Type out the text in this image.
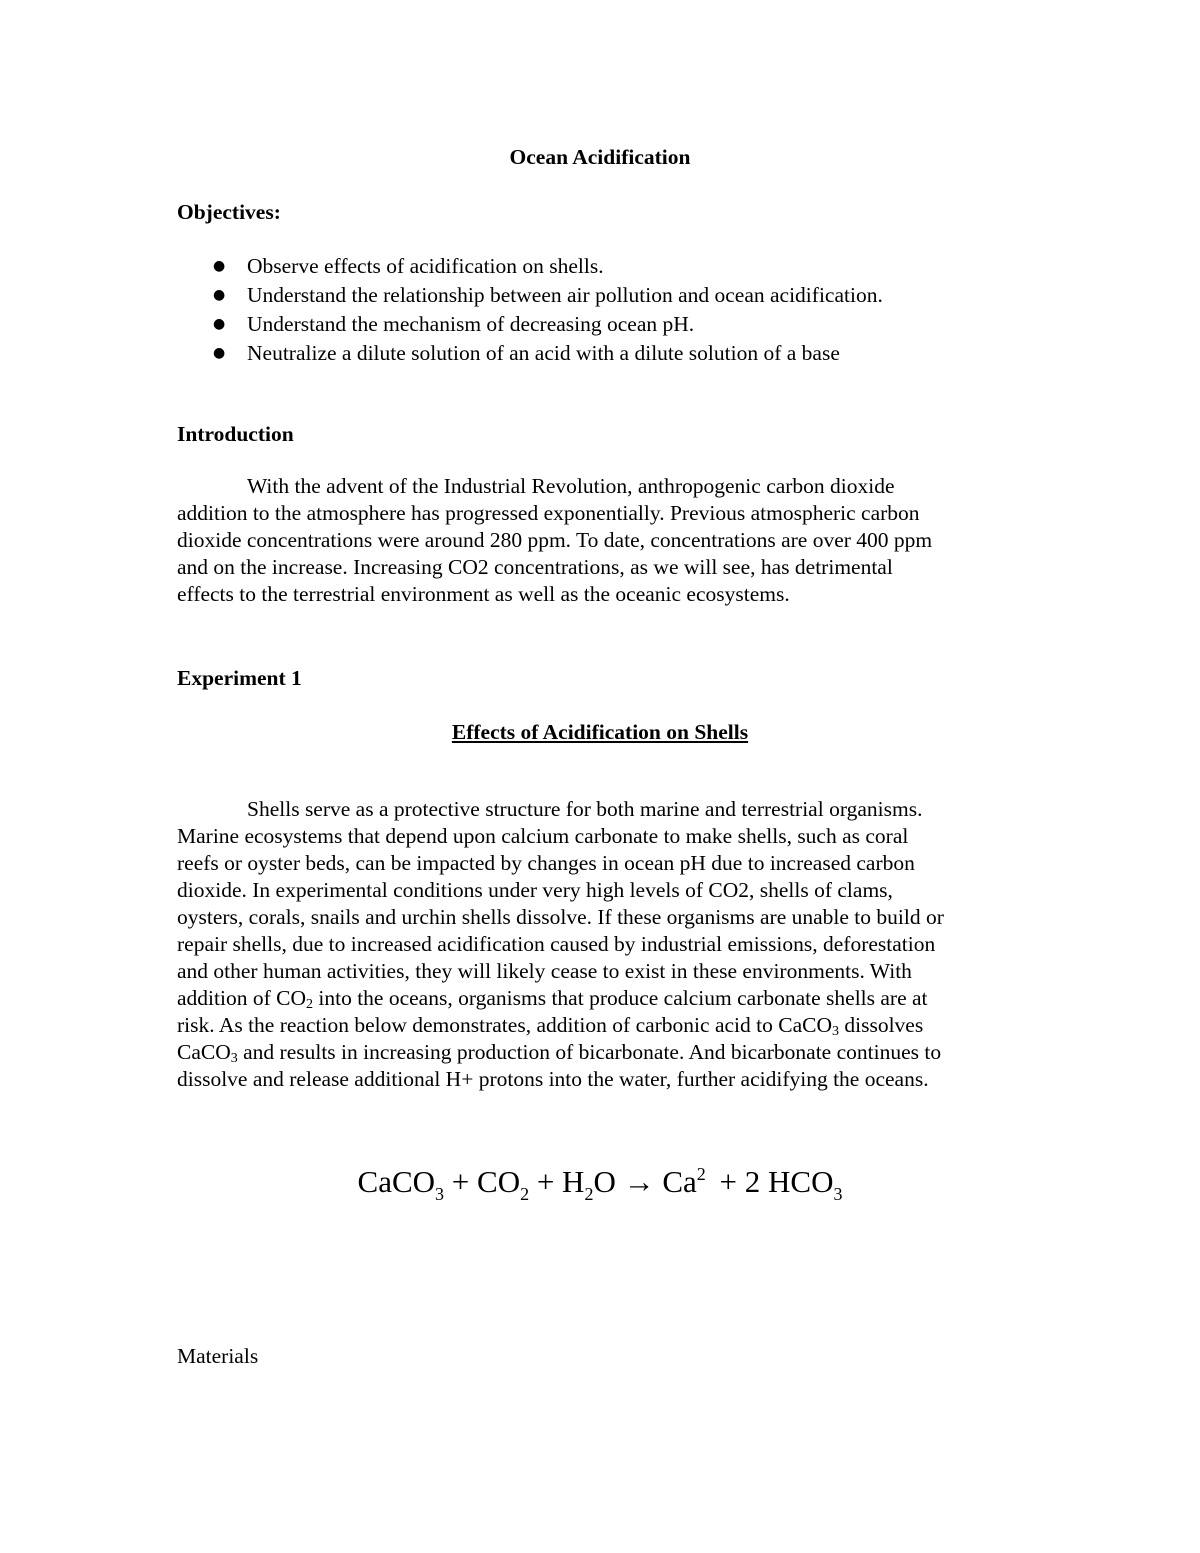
Ocean Acidification
Objectives:
● Observe effects of acidification on shells.
● Understand the relationship between air pollution and ocean acidification.
● Understand the mechanism of decreasing ocean pH.
● Neutralize a dilute solution of an acid with a dilute solution of a base
Introduction
With the advent of the Industrial Revolution, anthropogenic carbon dioxide
addition to the atmosphere has progressed exponentially. Previous atmospheric carbon
dioxide concentrations were around 280 ppm. To date, concentrations are over 400 ppm
and on the increase. Increasing CO2 concentrations, as we will see, has detrimental
effects to the terrestrial environment as well as the oceanic ecosystems.
Experiment 1
Effects of Acidification on Shells
Shells serve as a protective structure for both marine and terrestrial organisms.
Marine ecosystems that depend upon calcium carbonate to make shells, such as coral
reefs or oyster beds, can be impacted by changes in ocean pH due to increased carbon
dioxide. In experimental conditions under very high levels of CO2, shells of clams,
oysters, corals, snails and urchin shells dissolve. If these organisms are unable to build or
repair shells, due to increased acidification caused by industrial emissions, deforestation
and other human activities, they will likely cease to exist in these environments. With
addition of $CO_2$ into the oceans, organisms that produce calcium carbonate shells are at
risk. As the reaction below demonstrates, addition of carbonic acid to CaCO$_3$ dissolves
CaCO$_3$ and results in increasing production of bicarbonate. And bicarbonate continues to
dissolve and release additional H+ protons into the water, further acidifying the oceans.
CaCO$_3$ + $CO_2 + H_2O \to Ca^2 + 2$ $HCO_3$
Materials
